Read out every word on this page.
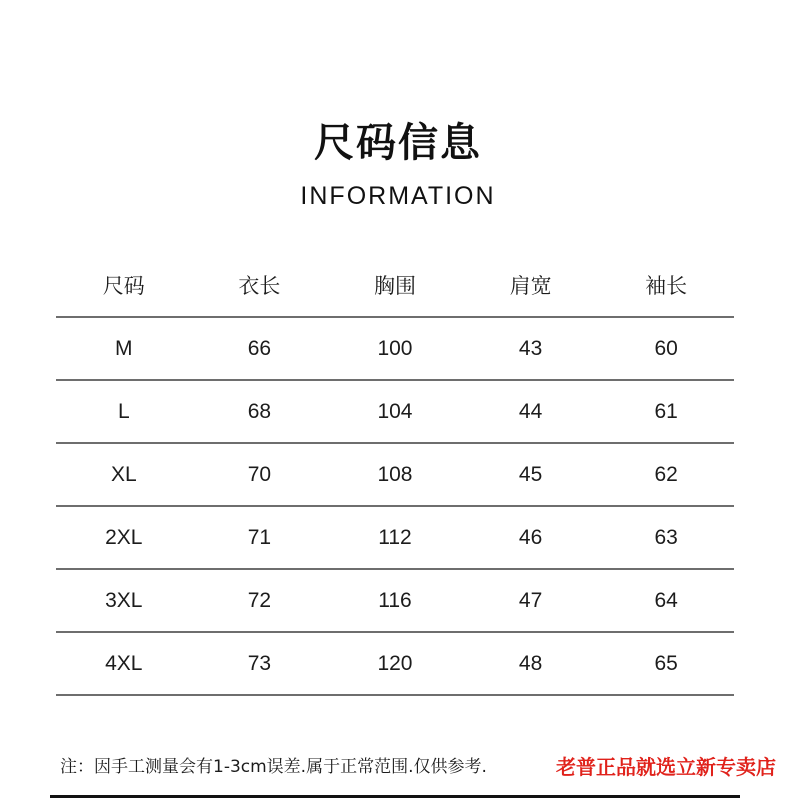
尺码信息
INFORMATION
尺码	衣长	胸围	肩宽	袖长
M	66	100	43	60
L	68	104	44	61
XL	70	108	45	62
2XL	71	112	46	63
3XL	72	116	47	64
4XL	73	120	48	65
注：因手工测量会有1-3cm误差.属于正常范围.仅供参考.	老普正品就选立新专卖店
